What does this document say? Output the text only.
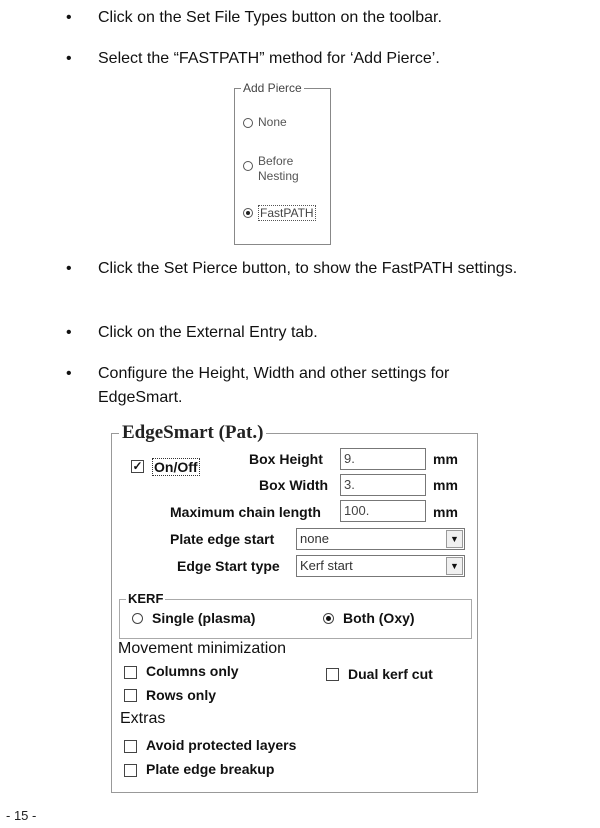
•	Click on the Set File Types button on the toolbar.
•	Select the “FASTPATH” method for ‘Add Pierce’.
Add Pierce
None
Before Nesting
FastPATH
•	Click the Set Pierce button, to show the FastPATH settings.
•	Click on the External Entry tab.
•	Configure the Height, Width and other settings for EdgeSmart.
EdgeSmart (Pat.)
✓ On/Off	Box Height	9.	mm
Box Width	3.	mm
Maximum chain length	100.	mm
Plate edge start	none	▼
Edge Start type	Kerf start	▼
KERF
Single (plasma)	Both (Oxy)
Movement minimization
Columns only	Dual kerf cut
Rows only
Extras
Avoid protected layers
Plate edge breakup
- 15 -
